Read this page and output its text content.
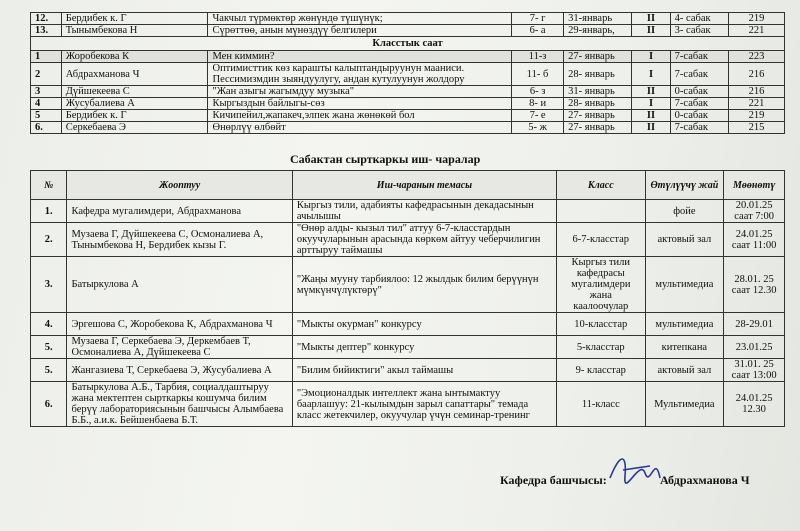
12.	Бердибек к. Г	Чакчыл түрмөктөр жөнүндө түшүнүк;	7- г	31-январь	II	4- сабак	219
13.	Тынымбекова Н	Сүрөттөө, анын мүнөздүү белгилери	6- а	29-январь,	II	3- сабак	221
Класстык саат							
1	Жоробекова К	Мен киммин?	11-з	27- январь	I	7-сабак	223
2	Абдрахманова Ч	Оптимисттик көз карашты калыптандыруунун мааниси. Пессимизмдин зыяндуулугу, андан кутулуунун жолдору	11- б	28- январь	I	7-сабак	216
3	Дүйшекеева С	"Жан азыгы жагымдуу музыка"	6- з	31- январь	II	0-сабак	216
4	Жусубалиева А	Кыргыздын байлыгы-сөз	8- и	28- январь	I	7-сабак	221
5	Бердибек к. Г	Кичипейил,жапакеч,элпек жана жөнөкөй бол	7- е	27- январь	II	0-сабак	219
6.	Серкебаева Э	Өнөрлүү өлбөйт	5- ж	27- январь	II	7-сабак	215
Сабактан сырткаркы иш- чаралар
№	Жооптуу	Иш-чаранын темасы	Класс	Өтүлүүчү жай	Мөөнөтү
1.	Кафедра мугалимдери, Абдрахманова	Кыргыз тили, адабияты кафедрасынын декадасынын ачылышы		фойе	20.01.25 саат 7:00
2.	Музаева Г, Дүйшекеева С, Осмоналиева А, Тынымбекова Н, Бердибек кызы Г.	"Өнөр алды- кызыл тил" аттуу 6-7-класстардын окуучуларынын арасында көркөм айтуу чеберчилигин арттыруу таймашы	6-7-класстар	актовый зал	24.01.25 саат 11:00
3.	Батыркулова А	"Жаңы мууну тарбиялоо: 12 жылдык билим берүүнүн мүмкүнчүлүктөрү"	Кыргыз тили кафедрасы мугалимдери жана каалоочулар	мультимедиа	28.01. 25 саат 12.30
4.	Эргешова С, Жоробекова К, Абдрахманова Ч	"Мыкты окурман" конкурсу	10-класстар	мультимедиа	28-29.01
5.	Музаева Г, Серкебаева Э, Деркембаев Т, Осмоналиева А, Дүйшекеева С	"Мыкты дептер" конкурсу	5-класстар	китепкана	23.01.25
5.	Жангазиева Т, Серкебаева Э, Жусубалиева А	"Билим бийиктиги" акыл таймашы	9- класстар	актовый зал	31.01. 25 саат 13:00
6.	Батыркулова А.Б., Тарбия, социалдаштыруу жана мектептен сырткаркы кошумча билим берүү лабораториясынын башчысы Алымбаева Б.Б., а.и.к. Бейшенбаева Б.Т.	"Эмоционалдык интеллект жана ынтымактуу баарлашуу: 21-кылымдын зарыл сапаттары" темада класс жетекчилер, окуучулар үчүн семинар-тренинг	11-класс	Мультимедиа	24.01.25 12.30
Кафедра башчысы:	Абдрахманова Ч
